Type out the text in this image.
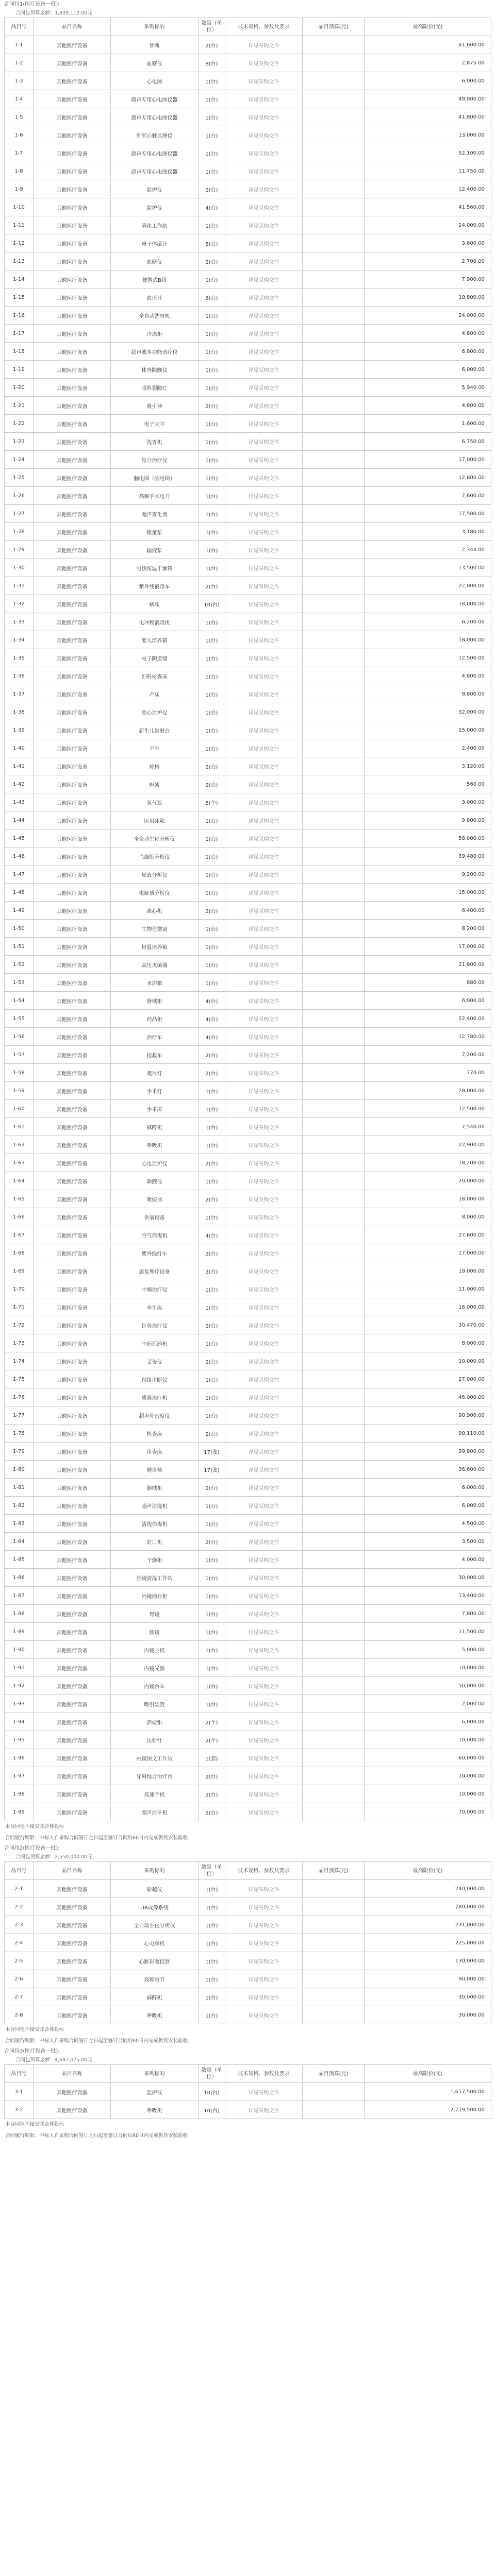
合同包1(医疗设备一批):
合同包预算金额：1,839,112.00元
品目号	品目名称	采购标的	数量（单位）	技术规格、参数及要求	品目预算(元)	最高限价(元)
1-1	其他医疗设备	诊断	2(台)	详见采购文件		81,600.00
1-2	其他医疗设备	血糖仪	8(台)	详见采购文件		2,875.00
1-3	其他医疗设备	心电图	1(台)	详见采购文件		6,000.00
1-4	其他医疗设备	超声专用心电图仪器	1(台)	详见采购文件		49,000.00
1-5	其他医疗设备	超声专用心电图仪器	1(台)	详见采购文件		41,800.00
1-6	其他医疗设备	肝胆心脏监测仪	1(台)	详见采购文件		13,000.00
1-7	其他医疗设备	超声专用心电图仪器	1(台)	详见采购文件		52,100.00
1-8	其他医疗设备	超声专用心电图仪器	1(台)	详见采购文件		11,750.00
1-9	其他医疗设备	监护仪	2(台)	详见采购文件		12,400.00
1-10	其他医疗设备	监护仪	4(台)	详见采购文件		41,560.00
1-11	其他医疗设备	雾化工作站	1(台)	详见采购文件		24,000.00
1-12	其他医疗设备	电子体温计	5(台)	详见采购文件		3,600.00
1-13	其他医疗设备	血糖仪	2(台)	详见采购文件		2,700.00
1-14	其他医疗设备	便携式B超	1(台)	详见采购文件		7,900.00
1-15	其他医疗设备	血压计	6(台)	详见采购文件		10,800.00
1-16	其他医疗设备	全自动洗胃机	1(台)	详见采购文件		24,000.00
1-17	其他医疗设备	冷冻柜	1(台)	详见采购文件		4,800.00
1-18	其他医疗设备	超声波多功能治疗仪	1(台)	详见采购文件		6,800.00
1-19	其他医疗设备	体外除颤仪	1(台)	详见采购文件		6,000.00
1-20	其他医疗设备	眼科裂隙灯	1(台)	详见采购文件		5,940.00
1-21	其他医疗设备	吸引器	2(台)	详见采购文件		4,800.00
1-22	其他医疗设备	电子天平	1(台)	详见采购文件		1,600.00
1-23	其他医疗设备	洗胃机	1(台)	详见采购文件		6,750.00
1-24	其他医疗设备	综合治疗仪	1(台)	详见采购文件		17,000.00
1-25	其他医疗设备	脑电图（脑电图）	1(台)	详见采购文件		12,600.00
1-26	其他医疗设备	高频手术电刀	1(台)	详见采购文件		7,600.00
1-27	其他医疗设备	超声雾化器	1(台)	详见采购文件		17,500.00
1-28	其他医疗设备	微量泵	1(台)	详见采购文件		3,180.00
1-29	其他医疗设备	输液泵	1(台)	详见采购文件		2,344.00
1-30	其他医疗设备	电热恒温干燥箱	1(台)	详见采购文件		13,500.00
1-31	其他医疗设备	紫外线消毒车	2(台)	详见采购文件		22,000.00
1-32	其他医疗设备	病床	10(台)	详见采购文件		18,000.00
1-33	其他医疗设备	电冲程消毒机	1(台)	详见采购文件		6,200.00
1-34	其他医疗设备	婴儿培养箱	1(台)	详见采购文件		18,000.00
1-35	其他医疗设备	电子阴道镜	1(台)	详见采购文件		12,500.00
1-36	其他医疗设备	妇科检查床	1(台)	详见采购文件		4,800.00
1-37	其他医疗设备	产床	1(台)	详见采购文件		8,800.00
1-38	其他医疗设备	胎心监护仪	1(台)	详见采购文件		32,000.00
1-39	其他医疗设备	新生儿辐射台	1(台)	详见采购文件		25,000.00
1-40	其他医疗设备	平车	1(台)	详见采购文件		2,400.00
1-41	其他医疗设备	轮椅	2(台)	详见采购文件		3,120.00
1-42	其他医疗设备	担架	2(台)	详见采购文件		560.00
1-43	其他医疗设备	氧气瓶	5(个)	详见采购文件		3,000.00
1-44	其他医疗设备	医用冰箱	1(台)	详见采购文件		9,800.00
1-45	其他医疗设备	全自动生化分析仪	1(台)	详见采购文件		58,000.00
1-46	其他医疗设备	血细胞分析仪	1(台)	详见采购文件		39,480.00
1-47	其他医疗设备	尿液分析仪	1(台)	详见采购文件		9,200.00
1-48	其他医疗设备	电解质分析仪	1(台)	详见采购文件		15,000.00
1-49	其他医疗设备	离心机	2(台)	详见采购文件		6,400.00
1-50	其他医疗设备	生物显微镜	1(台)	详见采购文件		8,200.00
1-51	其他医疗设备	恒温培养箱	1(台)	详见采购文件		17,000.00
1-52	其他医疗设备	高压灭菌器	1(台)	详见采购文件		21,800.00
1-53	其他医疗设备	水浴箱	1(台)	详见采购文件		880.00
1-54	其他医疗设备	器械柜	4(台)	详见采购文件		6,000.00
1-55	其他医疗设备	药品柜	4(台)	详见采购文件		22,400.00
1-56	其他医疗设备	治疗车	4(台)	详见采购文件		12,780.00
1-57	其他医疗设备	抢救车	2(台)	详见采购文件		7,200.00
1-58	其他医疗设备	观片灯	2(台)	详见采购文件		770.00
1-59	其他医疗设备	手术灯	1(台)	详见采购文件		28,000.00
1-60	其他医疗设备	手术床	1(台)	详见采购文件		12,500.00
1-61	其他医疗设备	麻醉机	1(台)	详见采购文件		7,540.00
1-62	其他医疗设备	呼吸机	1(台)	详见采购文件		22,900.00
1-63	其他医疗设备	心电监护仪	2(台)	详见采购文件		18,200.00
1-64	其他医疗设备	除颤仪	1(台)	详见采购文件		20,000.00
1-65	其他医疗设备	吸痰器	2(台)	详见采购文件		18,000.00
1-66	其他医疗设备	供氧设备	1(台)	详见采购文件		8,000.00
1-67	其他医疗设备	空气消毒机	4(台)	详见采购文件		27,600.00
1-68	其他医疗设备	紫外线灯车	2(台)	详见采购文件		17,000.00
1-69	其他医疗设备	康复理疗设备	2(台)	详见采购文件		19,000.00
1-70	其他医疗设备	中频治疗仪	1(台)	详见采购文件		11,000.00
1-71	其他医疗设备	牵引床	1(台)	详见采购文件		16,000.00
1-72	其他医疗设备	针灸治疗仪	2(台)	详见采购文件		30,470.00
1-73	其他医疗设备	中药煎药机	1(台)	详见采购文件		8,000.00
1-74	其他医疗设备	艾灸仪	2(台)	详见采购文件		10,000.00
1-75	其他医疗设备	经络诊断仪	1(台)	详见采购文件		27,000.00
1-76	其他医疗设备	熏蒸治疗机	1(台)	详见采购文件		46,000.00
1-77	其他医疗设备	超声骨密度仪	1(台)	详见采购文件		90,900.00
1-78	其他医疗设备	检查床	2(台)	详见采购文件		90,110.00
1-79	其他医疗设备	诊查床	17(张)	详见采购文件		39,800.00
1-80	其他医疗设备	候诊椅	17(张)	详见采购文件		36,600.00
1-81	其他医疗设备	器械柜	2(台)	详见采购文件		6,000.00
1-82	其他医疗设备	超声清洗机	1(台)	详见采购文件		6,000.00
1-83	其他医疗设备	清洗消毒机	1(台)	详见采购文件		4,500.00
1-84	其他医疗设备	封口机	2(台)	详见采购文件		3,500.00
1-85	其他医疗设备	干燥柜	1(台)	详见采购文件		4,000.00
1-86	其他医疗设备	腔镜清洗工作站	1(台)	详见采购文件		30,000.00
1-87	其他医疗设备	内镜储存柜	1(台)	详见采购文件		13,400.00
1-88	其他医疗设备	胃镜	1(台)	详见采购文件		7,800.00
1-89	其他医疗设备	肠镜	1(台)	详见采购文件		11,500.00
1-90	其他医疗设备	内镜主机	1(台)	详见采购文件		5,000.00
1-91	其他医疗设备	内镜光源	1(台)	详见采购文件		10,000.00
1-92	其他医疗设备	内镜台车	1(台)	详见采购文件		50,000.00
1-93	其他医疗设备	吸引装置	1(台)	详见采购文件		2,000.00
1-94	其他医疗设备	活检钳	2(个)	详见采购文件		6,000.00
1-95	其他医疗设备	注射针	2(个)	详见采购文件		10,000.00
1-96	其他医疗设备	内镜图文工作站	1(套)	详见采购文件		60,000.00
1-97	其他医疗设备	牙科综合治疗台	2(台)	详见采购文件		10,000.00
1-98	其他医疗设备	高速手机	2(台)	详见采购文件		10,000.00
1-99	其他医疗设备	超声洁牙机	2(台)	详见采购文件		70,000.00
本合同包不接受联合体投标
合同履行期限：中标人自采购合同签订之日起至签订合同后60日内完成供货安装验收
合同包2(医疗设备一批):
合同包预算金额：2,550,000.00元
品目号	品目名称	采购标的	数量（单位）	技术规格、参数及要求	品目预算(元)	最高限价(元)
2-1	其他医疗设备	彩超仪	1(台)	详见采购文件		240,000.00
2-2	其他医疗设备	DR成像系统	1(台)	详见采购文件		780,000.00
2-3	其他医疗设备	全自动生化分析仪	1(台)	详见采购文件		231,000.00
2-4	其他医疗设备	心电图机	1(台)	详见采购文件		225,000.00
2-5	其他医疗设备	心脏彩超仪器	1(台)	详见采购文件		130,000.00
2-6	其他医疗设备	高频电刀	1(台)	详见采购文件		90,000.00
2-7	其他医疗设备	麻醉机	1(台)	详见采购文件		30,000.00
2-8	其他医疗设备	呼吸机	1(台)	详见采购文件		30,000.00
本合同包不接受联合体投标
合同履行期限：中标人自采购合同签订之日起至签订合同后60日内完成供货安装验收
合同包3(医疗设备一批):
合同包预算金额：4,697,075.00元
品目号	品目名称	采购标的	数量（单位）	技术规格、参数及要求	品目预算(元)	最高限价(元)
3-1	其他医疗设备	监护仪	10(台)	详见采购文件		1,617,500.00
3-2	其他医疗设备	呼吸机	10(台)	详见采购文件		2,719,500.00
本合同包不接受联合体投标
合同履行期限：中标人自采购合同签订之日起至签订合同后60日内完成供货安装验收
